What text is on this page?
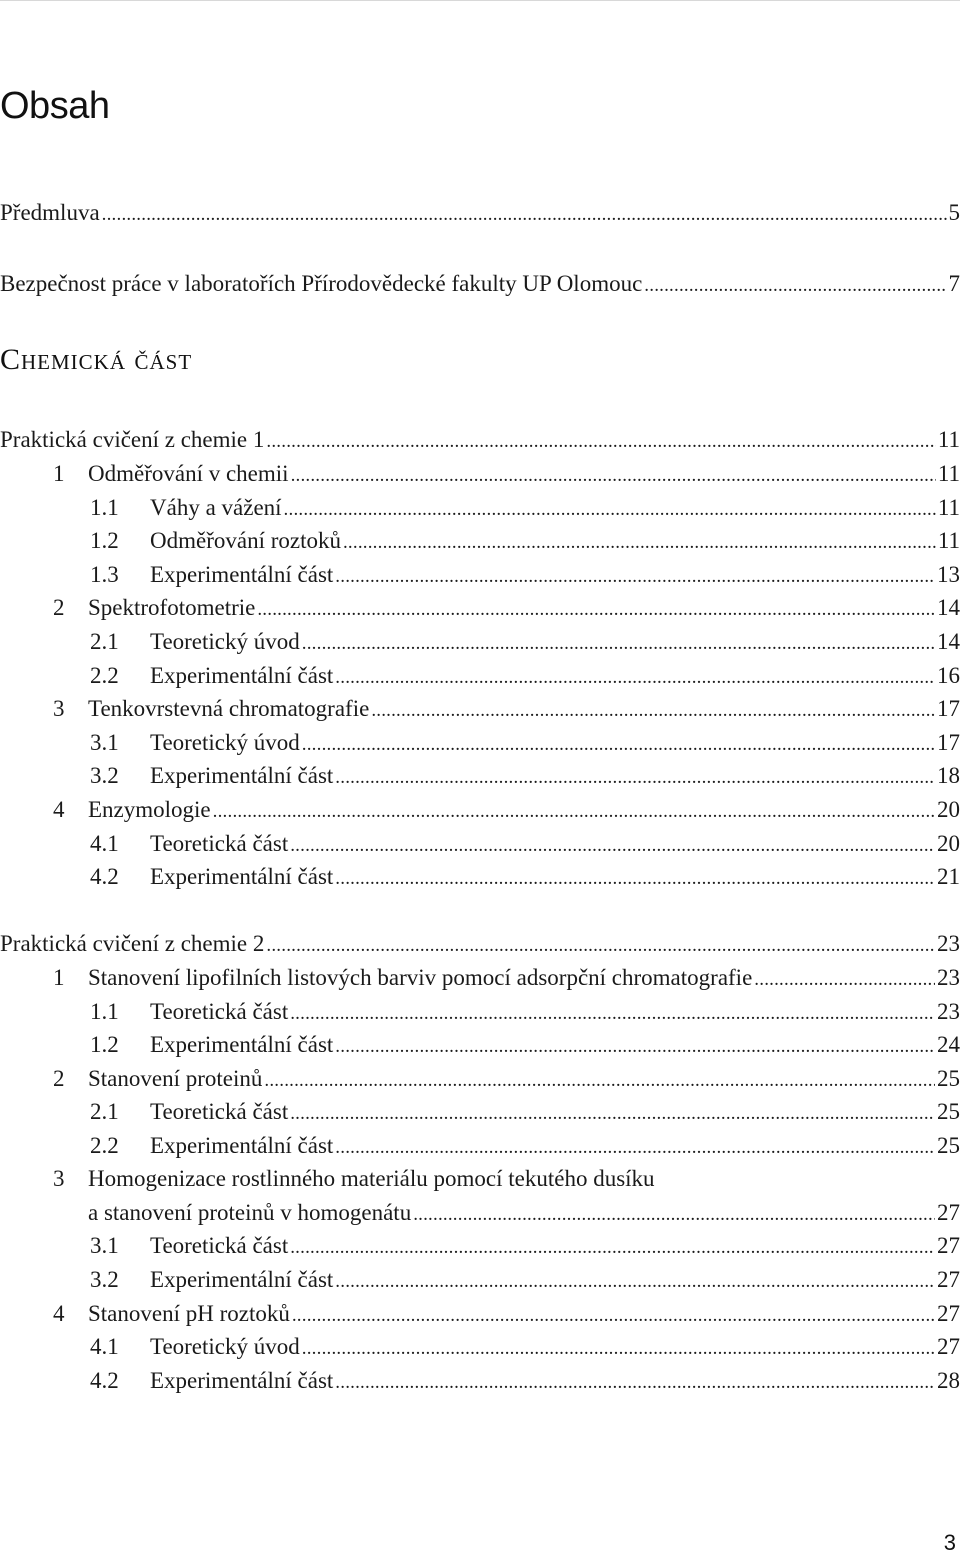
Obsah
Předmluva .....	5
Bezpečnost práce v laboratořích Přírodovědecké fakulty UP Olomouc .....	7
Chemická část
Praktická cvičení z chemie 1 .....	11
1 Odměřování v chemii .....	11
1.1 Váhy a vážení .....	11
1.2 Odměřování roztoků .....	11
1.3 Experimentální část .....	13
2 Spektrofotometrie .....	14
2.1 Teoretický úvod .....	14
2.2 Experimentální část .....	16
3 Tenkovrstevná chromatografie .....	17
3.1 Teoretický úvod .....	17
3.2 Experimentální část .....	18
4 Enzymologie .....	20
4.1 Teoretická část .....	20
4.2 Experimentální část .....	21
Praktická cvičení z chemie 2 .....	23
1 Stanovení lipofilních listových barviv pomocí adsorpční chromatografie .....	23
1.1 Teoretická část .....	23
1.2 Experimentální část .....	24
2 Stanovení proteinů .....	25
2.1 Teoretická část .....	25
2.2 Experimentální část .....	25
3 Homogenizace rostlinného materiálu pomocí tekutého dusíku
a stanovení proteinů v homogenátu .....	27
3.1 Teoretická část .....	27
3.2 Experimentální část .....	27
4 Stanovení pH roztoků .....	27
4.1 Teoretický úvod .....	27
4.2 Experimentální část .....	28
3
